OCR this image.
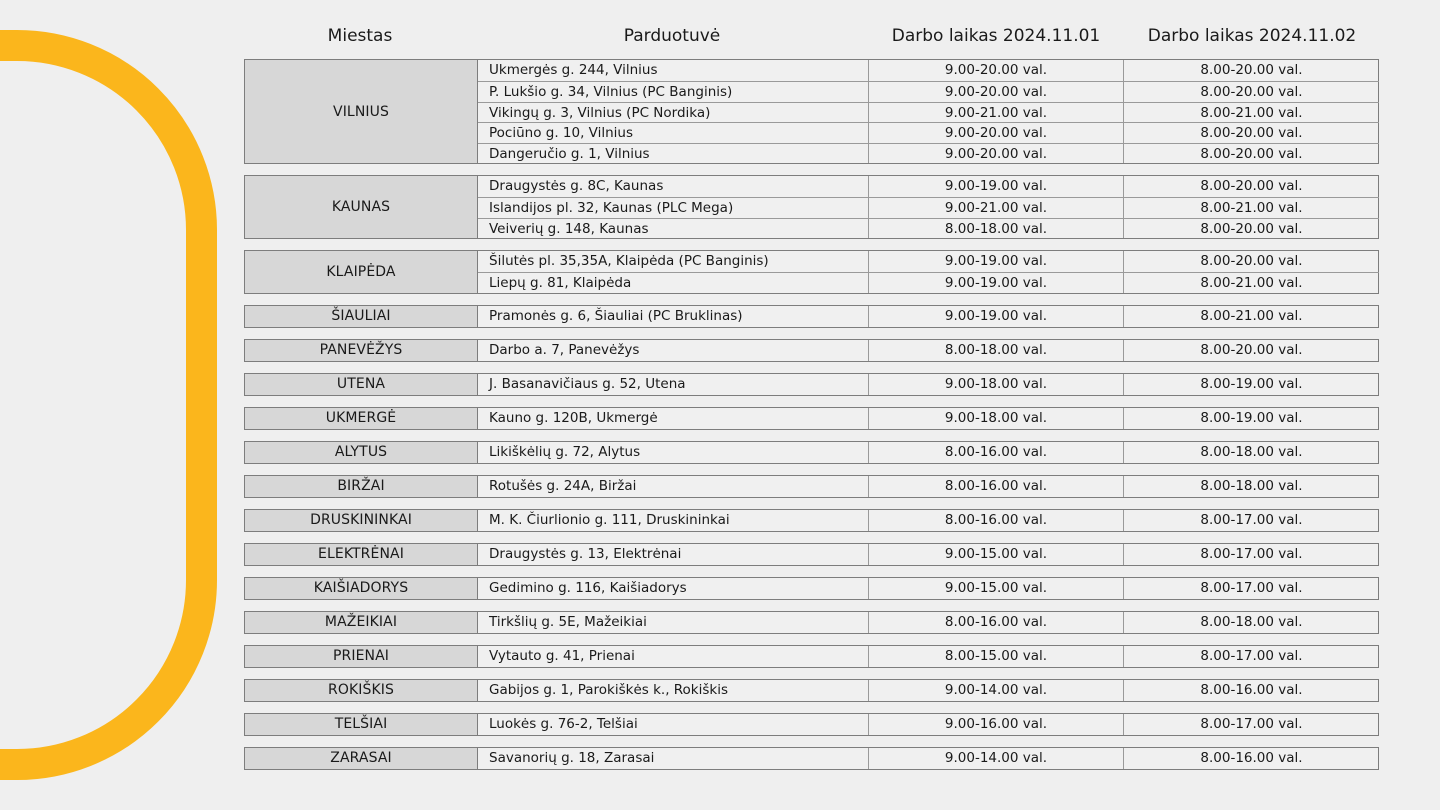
Miestas	Parduotuvė	Darbo laikas 2024.11.01	Darbo laikas 2024.11.02
VILNIUS
Ukmergės g. 244, Vilnius	9.00-20.00 val.	8.00-20.00 val.
P. Lukšio g. 34, Vilnius (PC Banginis)	9.00-20.00 val.	8.00-20.00 val.
Vikingų g. 3, Vilnius (PC Nordika)	9.00-21.00 val.	8.00-21.00 val.
Pociūno g. 10, Vilnius	9.00-20.00 val.	8.00-20.00 val.
Dangeručio g. 1, Vilnius	9.00-20.00 val.	8.00-20.00 val.
KAUNAS
Draugystės g. 8C, Kaunas	9.00-19.00 val.	8.00-20.00 val.
Islandijos pl. 32, Kaunas (PLC Mega)	9.00-21.00 val.	8.00-21.00 val.
Veiverių g. 148, Kaunas	8.00-18.00 val.	8.00-20.00 val.
KLAIPĖDA
Šilutės pl. 35,35A, Klaipėda (PC Banginis)	9.00-19.00 val.	8.00-20.00 val.
Liepų g. 81, Klaipėda	9.00-19.00 val.	8.00-21.00 val.
ŠIAULIAI	Pramonės g. 6, Šiauliai (PC Bruklinas)	9.00-19.00 val.	8.00-21.00 val.
PANEVĖŽYS	Darbo a. 7, Panevėžys	8.00-18.00 val.	8.00-20.00 val.
UTENA	J. Basanavičiaus g. 52, Utena	9.00-18.00 val.	8.00-19.00 val.
UKMERGĖ	Kauno g. 120B, Ukmergė	9.00-18.00 val.	8.00-19.00 val.
ALYTUS	Likiškėlių g. 72, Alytus	8.00-16.00 val.	8.00-18.00 val.
BIRŽAI	Rotušės g. 24A, Biržai	8.00-16.00 val.	8.00-18.00 val.
DRUSKININKAI	M. K. Čiurlionio g. 111, Druskininkai	8.00-16.00 val.	8.00-17.00 val.
ELEKTRĖNAI	Draugystės g. 13, Elektrėnai	9.00-15.00 val.	8.00-17.00 val.
KAIŠIADORYS	Gedimino g. 116, Kaišiadorys	9.00-15.00 val.	8.00-17.00 val.
MAŽEIKIAI	Tirkšlių g. 5E, Mažeikiai	8.00-16.00 val.	8.00-18.00 val.
PRIENAI	Vytauto g. 41, Prienai	8.00-15.00 val.	8.00-17.00 val.
ROKIŠKIS	Gabijos g. 1, Parokiškės k., Rokiškis	9.00-14.00 val.	8.00-16.00 val.
TELŠIAI	Luokės g. 76-2, Telšiai	9.00-16.00 val.	8.00-17.00 val.
ZARASAI	Savanorių g. 18, Zarasai	9.00-14.00 val.	8.00-16.00 val.
